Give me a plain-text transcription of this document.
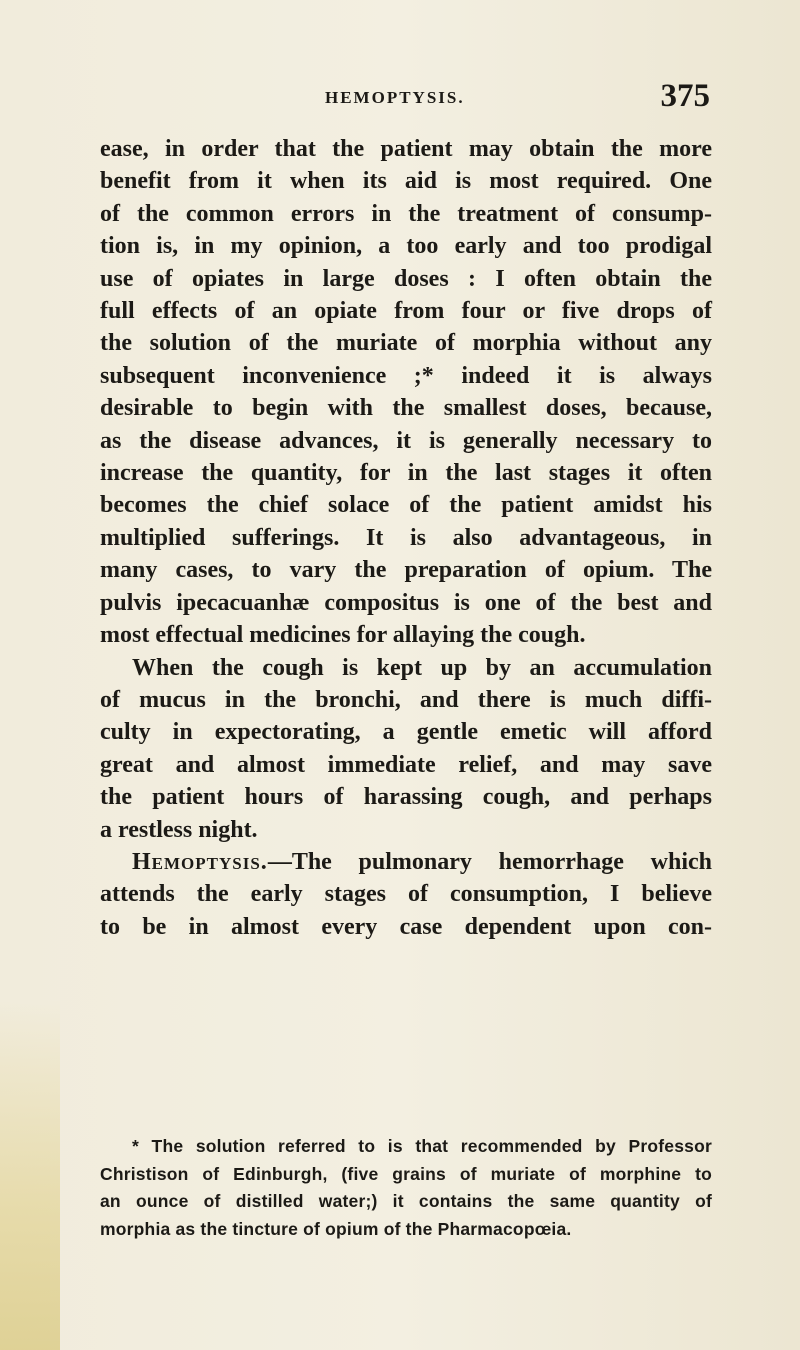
HEMOPTYSIS.	375

ease, in order that the patient may obtain the more
benefit from it when its aid is most required. One
of the common errors in the treatment of consump-
tion is, in my opinion, a too early and too prodigal
use of opiates in large doses : I often obtain the
full effects of an opiate from four or five drops of
the solution of the muriate of morphia without any
subsequent inconvenience ;* indeed it is always
desirable to begin with the smallest doses, because,
as the disease advances, it is generally necessary to
increase the quantity, for in the last stages it often
becomes the chief solace of the patient amidst his
multiplied sufferings. It is also advantageous, in
many cases, to vary the preparation of opium. The
pulvis ipecacuanhæ compositus is one of the best and
most effectual medicines for allaying the cough.

When the cough is kept up by an accumulation
of mucus in the bronchi, and there is much diffi-
culty in expectorating, a gentle emetic will afford
great and almost immediate relief, and may save
the patient hours of harassing cough, and perhaps
a restless night.

Hemoptysis.—The pulmonary hemorrhage which
attends the early stages of consumption, I believe
to be in almost every case dependent upon con-

* The solution referred to is that recommended by Professor
Christison of Edinburgh, (five grains of muriate of morphine to
an ounce of distilled water;) it contains the same quantity of
morphia as the tincture of opium of the Pharmacopœia.
